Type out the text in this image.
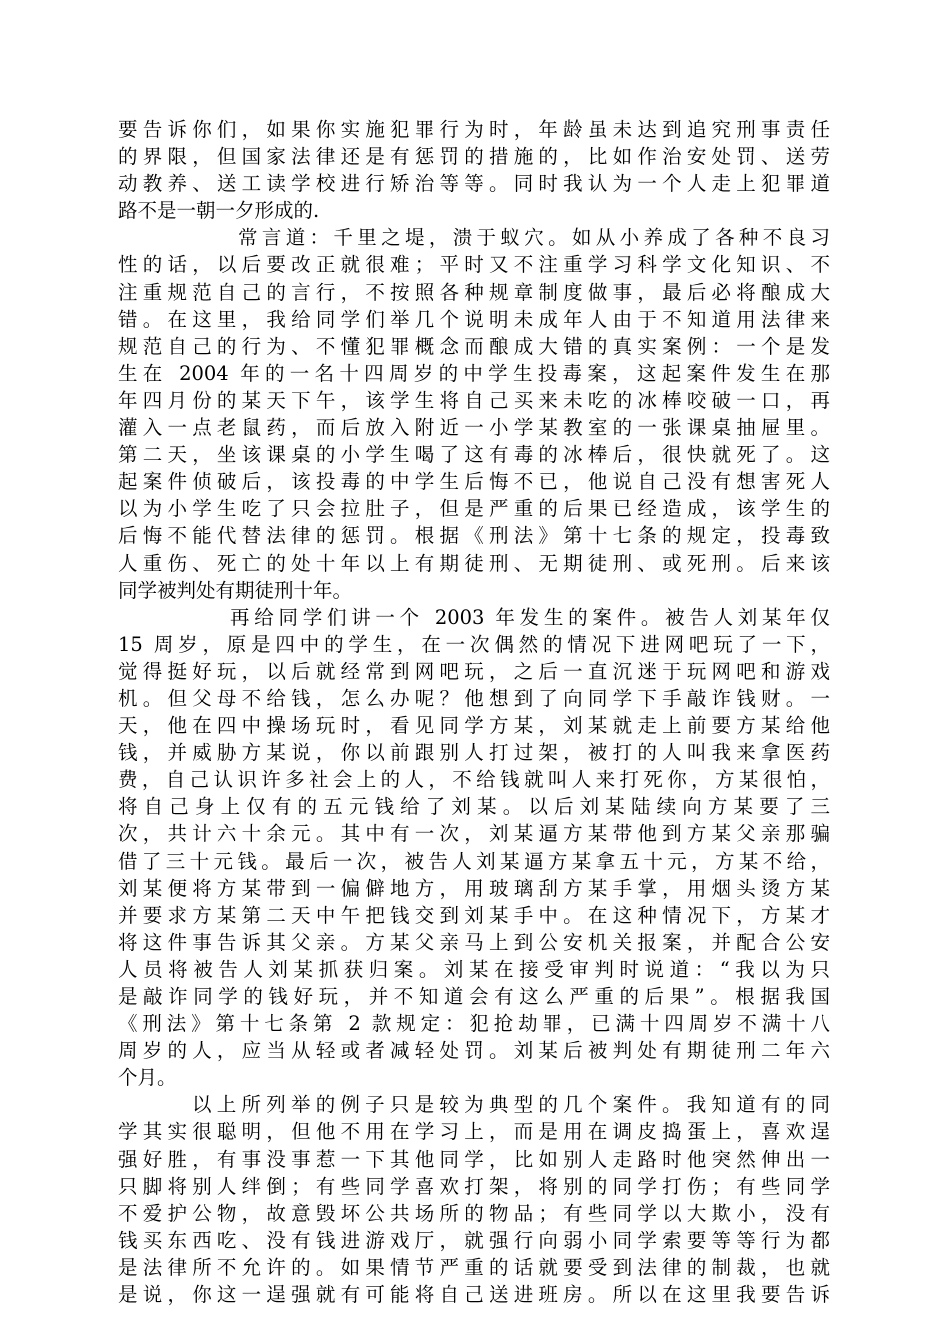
要告诉你们，如果你实施犯罪行为时，年龄虽未达到追究刑事责任
的界限，但国家法律还是有惩罚的措施的，比如作治安处罚、送劳
动教养、送工读学校进行矫治等等。同时我认为一个人走上犯罪道
路不是一朝一夕形成的.
常言道：千里之堤，溃于蚁穴。如从小养成了各种不良习
性的话，以后要改正就很难；平时又不注重学习科学文化知识、不
注重规范自己的言行，不按照各种规章制度做事，最后必将酿成大
错。在这里，我给同学们举几个说明未成年人由于不知道用法律来
规范自己的行为、不懂犯罪概念而酿成大错的真实案例：一个是发
生在 2004 年的一名十四周岁的中学生投毒案，这起案件发生在那
年四月份的某天下午，该学生将自己买来未吃的冰棒咬破一口，再
灌入一点老鼠药，而后放入附近一小学某教室的一张课桌抽屉里。
第二天，坐该课桌的小学生喝了这有毒的冰棒后，很快就死了。这
起案件侦破后，该投毒的中学生后悔不已，他说自己没有想害死人
以为小学生吃了只会拉肚子，但是严重的后果已经造成，该学生的
后悔不能代替法律的惩罚。根据《刑法》第十七条的规定，投毒致
人重伤、死亡的处十年以上有期徒刑、无期徒刑、或死刑。后来该
同学被判处有期徒刑十年。
再给同学们讲一个 2003 年发生的案件。被告人刘某年仅
15 周岁，原是四中的学生，在一次偶然的情况下进网吧玩了一下，
觉得挺好玩，以后就经常到网吧玩，之后一直沉迷于玩网吧和游戏
机。但父母不给钱，怎么办呢？他想到了向同学下手敲诈钱财。一
天，他在四中操场玩时，看见同学方某，刘某就走上前要方某给他
钱，并威胁方某说，你以前跟别人打过架，被打的人叫我来拿医药
费，自己认识许多社会上的人，不给钱就叫人来打死你，方某很怕，
将自己身上仅有的五元钱给了刘某。以后刘某陆续向方某要了三
次，共计六十余元。其中有一次，刘某逼方某带他到方某父亲那骗
借了三十元钱。最后一次，被告人刘某逼方某拿五十元，方某不给，
刘某便将方某带到一偏僻地方，用玻璃刮方某手掌，用烟头烫方某
并要求方某第二天中午把钱交到刘某手中。在这种情况下，方某才
将这件事告诉其父亲。方某父亲马上到公安机关报案，并配合公安
人员将被告人刘某抓获归案。刘某在接受审判时说道：“我以为只
是敲诈同学的钱好玩，并不知道会有这么严重的后果”。根据我国
《刑法》第十七条第 2 款规定：犯抢劫罪，已满十四周岁不满十八
周岁的人，应当从轻或者减轻处罚。刘某后被判处有期徒刑二年六
个月。
以上所列举的例子只是较为典型的几个案件。我知道有的同
学其实很聪明，但他不用在学习上，而是用在调皮捣蛋上，喜欢逞
强好胜，有事没事惹一下其他同学，比如别人走路时他突然伸出一
只脚将别人绊倒；有些同学喜欢打架，将别的同学打伤；有些同学
不爱护公物，故意毁坏公共场所的物品；有些同学以大欺小，没有
钱买东西吃、没有钱进游戏厅，就强行向弱小同学索要等等行为都
是法律所不允许的。如果情节严重的话就要受到法律的制裁，也就
是说，你这一逞强就有可能将自己送进班房。所以在这里我要告诉
